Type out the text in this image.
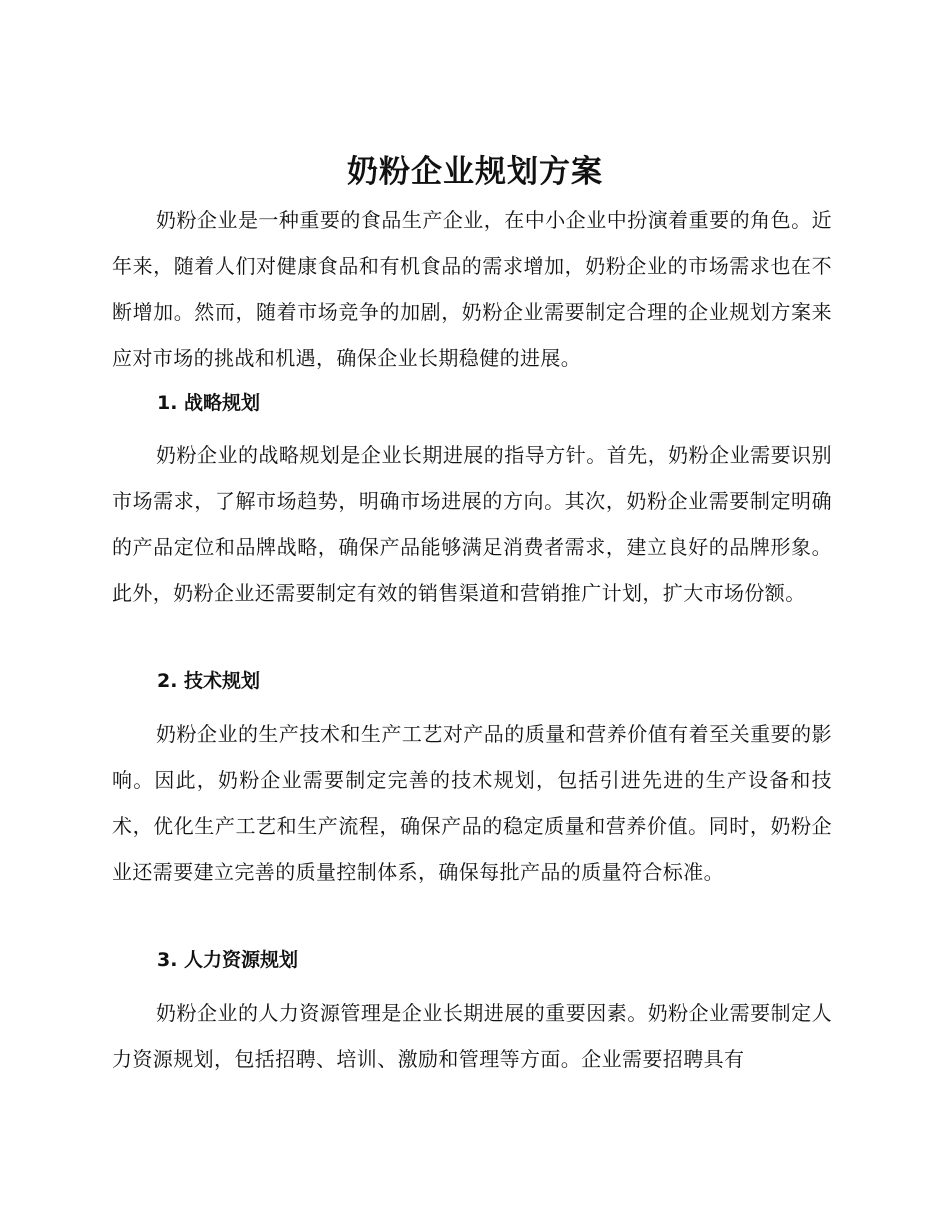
奶粉企业规划方案

奶粉企业是一种重要的食品生产企业，在中小企业中扮演着重要的角色。近年来，随着人们对健康食品和有机食品的需求增加，奶粉企业的市场需求也在不断增加。然而，随着市场竞争的加剧，奶粉企业需要制定合理的企业规划方案来应对市场的挑战和机遇，确保企业长期稳健的进展。

1. 战略规划

奶粉企业的战略规划是企业长期进展的指导方针。首先，奶粉企业需要识别市场需求，了解市场趋势，明确市场进展的方向。其次，奶粉企业需要制定明确的产品定位和品牌战略，确保产品能够满足消费者需求，建立良好的品牌形象。此外，奶粉企业还需要制定有效的销售渠道和营销推广计划，扩大市场份额。

2. 技术规划

奶粉企业的生产技术和生产工艺对产品的质量和营养价值有着至关重要的影响。因此，奶粉企业需要制定完善的技术规划，包括引进先进的生产设备和技术，优化生产工艺和生产流程，确保产品的稳定质量和营养价值。同时，奶粉企业还需要建立完善的质量控制体系，确保每批产品的质量符合标准。

3. 人力资源规划

奶粉企业的人力资源管理是企业长期进展的重要因素。奶粉企业需要制定人力资源规划，包括招聘、培训、激励和管理等方面。企业需要招聘具有
